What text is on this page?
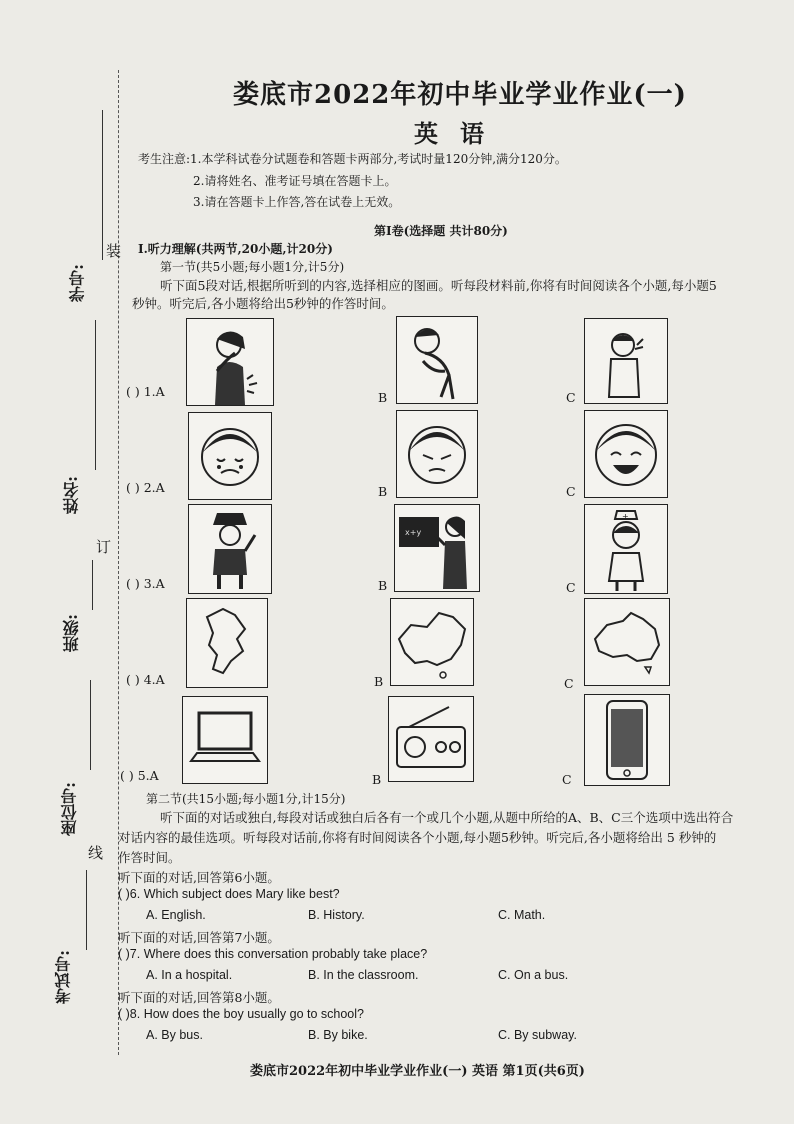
装
订
线
学号:
姓名:
班级:
座位号:
考试号:
娄底市2022年初中毕业学业作业(一)
英语
考生注意:1.本学科试卷分试题卷和答题卡两部分,考试时量120分钟,满分120分。
2.请将姓名、准考证号填在答题卡上。
3.请在答题卡上作答,答在试卷上无效。
第Ⅰ卷(选择题 共计80分)
Ⅰ.听力理解(共两节,20小题,计20分)
第一节(共5小题;每小题1分,计5分)
听下面5段对话,根据所听到的内容,选择相应的图画。听每段材料前,你将有时间阅读各个小题,每小题5
秒钟。听完后,各小题将给出5秒钟的作答时间。
( ) 1.A	B	C
( ) 2.A	B	C
( ) 3.A	B
x+y
C
+
( ) 4.A	B	C
( ) 5.A	B	C
第二节(共15小题;每小题1分,计15分)
听下面的对话或独白,每段对话或独白后各有一个或几个小题,从题中所给的A、B、C三个选项中选出符合
对话内容的最佳选项。听每段对话前,你将有时间阅读各个小题,每小题5秒钟。听完后,各小题将给出 5 秒钟的
作答时间。
听下面的对话,回答第6小题。
( )6. Which subject does Mary like best?
A. English.	B. History.	C. Math.
听下面的对话,回答第7小题。
( )7. Where does this conversation probably take place?
A. In a hospital.	B. In the classroom.	C. On a bus.
听下面的对话,回答第8小题。
( )8. How does the boy usually go to school?
A. By bus.	B. By bike.	C. By subway.
娄底市2022年初中毕业学业作业(一) 英语 第1页(共6页)
